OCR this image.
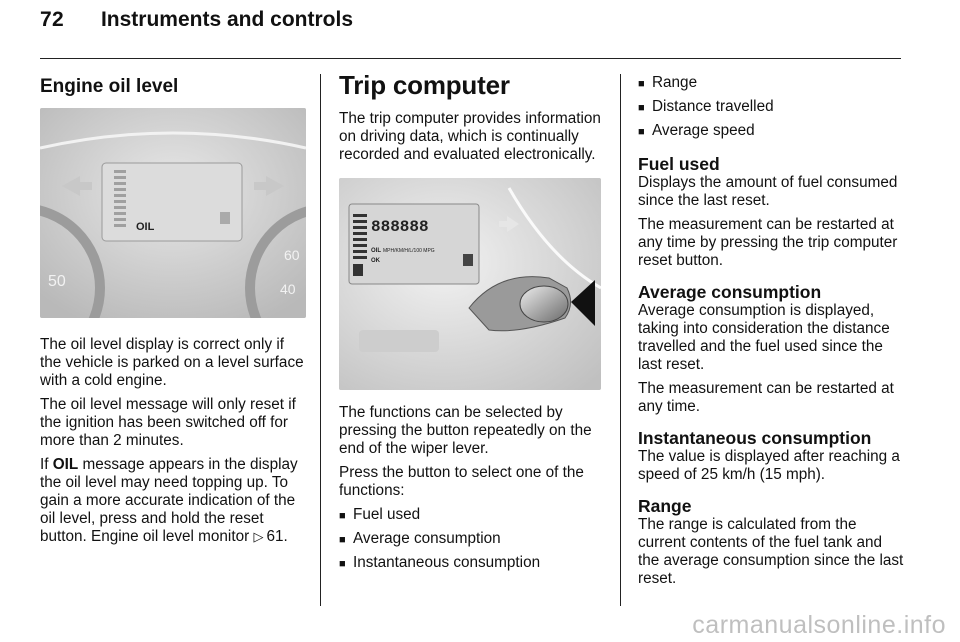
72 Instruments and controls
Engine oil level
OIL
50
60
40

The oil level display is correct only if the vehicle is parked on a level surface with a cold engine.

The oil level message will only reset if the ignition has been switched off for more than 2 minutes.

If OIL message appears in the display the oil level may need topping up. To gain a more accurate indication of the oil level, press and hold the reset button. Engine oil level monitor ▷  61.

Trip computer

The trip computer provides information on driving data, which is continually recorded and evaluated electronically.

888888
OIL MPH/KM/H/L/100 MPG
OK

The functions can be selected by pressing the button repeatedly on the end of the wiper lever.

Press the button to select one of the functions:

■ Fuel used
■ Average consumption
■ Instantaneous consumption
■ Range
■ Distance travelled
■ Average speed
Fuel used

Displays the amount of fuel consumed since the last reset.

The measurement can be restarted at any time by pressing the trip computer reset button.

Average consumption

Average consumption is displayed, taking into consideration the distance travelled and the fuel used since the last reset.

The measurement can be restarted at any time.

Instantaneous consumption

The value is displayed after reaching a speed of 25 km/h (15 mph).

Range

The range is calculated from the current contents of the fuel tank and the average consumption since the last reset.

carmanualsonline.info
